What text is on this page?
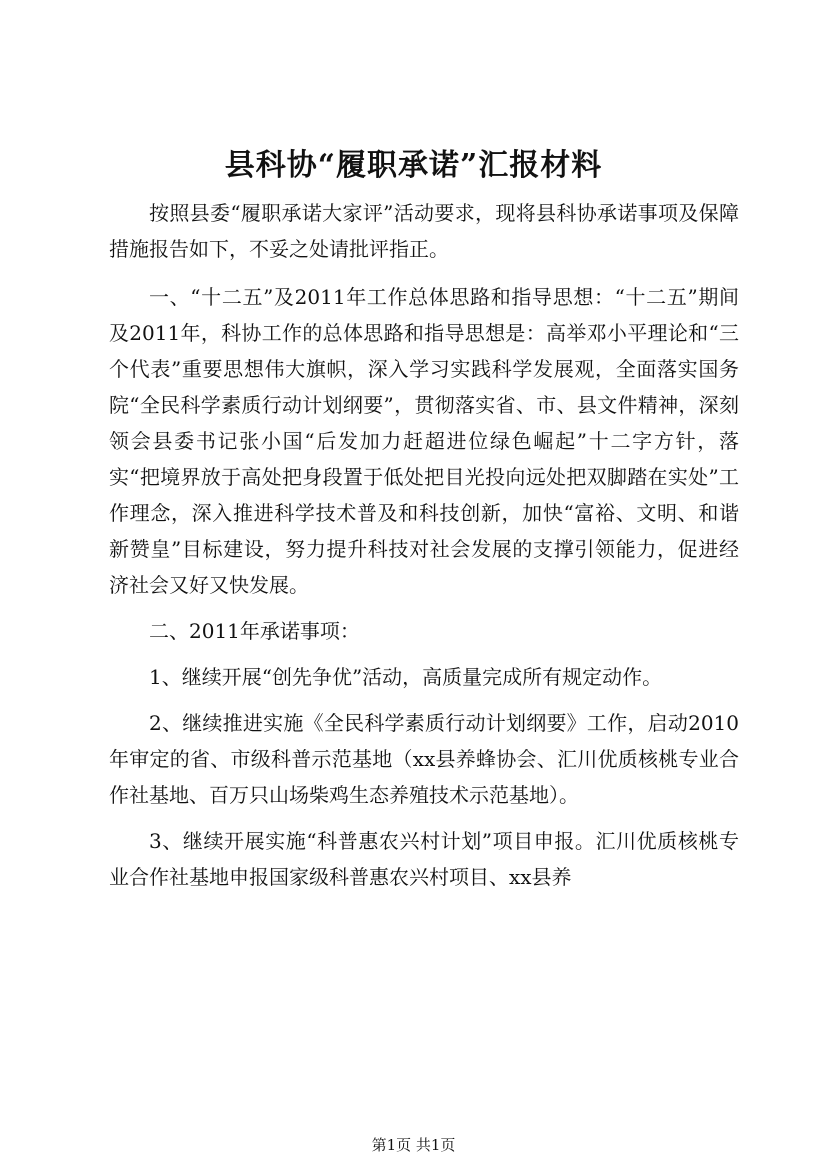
县科协“履职承诺”汇报材料

按照县委“履职承诺大家评”活动要求，现将县科协承诺事项及保障措施报告如下，不妥之处请批评指正。

一、“十二五”及2011年工作总体思路和指导思想：“十二五”期间及2011年，科协工作的总体思路和指导思想是：高举邓小平理论和“三个代表”重要思想伟大旗帜，深入学习实践科学发展观，全面落实国务院“全民科学素质行动计划纲要”，贯彻落实省、市、县文件精神，深刻领会县委书记张小国“后发加力赶超进位绿色崛起”十二字方针，落实“把境界放于高处把身段置于低处把目光投向远处把双脚踏在实处”工作理念，深入推进科学技术普及和科技创新，加快“富裕、文明、和谐新赞皇”目标建设，努力提升科技对社会发展的支撑引领能力，促进经济社会又好又快发展。

二、2011年承诺事项：

1、继续开展“创先争优”活动，高质量完成所有规定动作。

2、继续推进实施《全民科学素质行动计划纲要》工作，启动2010年审定的省、市级科普示范基地（xx县养蜂协会、汇川优质核桃专业合作社基地、百万只山场柴鸡生态养殖技术示范基地）。

3、继续开展实施“科普惠农兴村计划”项目申报。汇川优质核桃专业合作社基地申报国家级科普惠农兴村项目、xx县养

第1页 共1页
